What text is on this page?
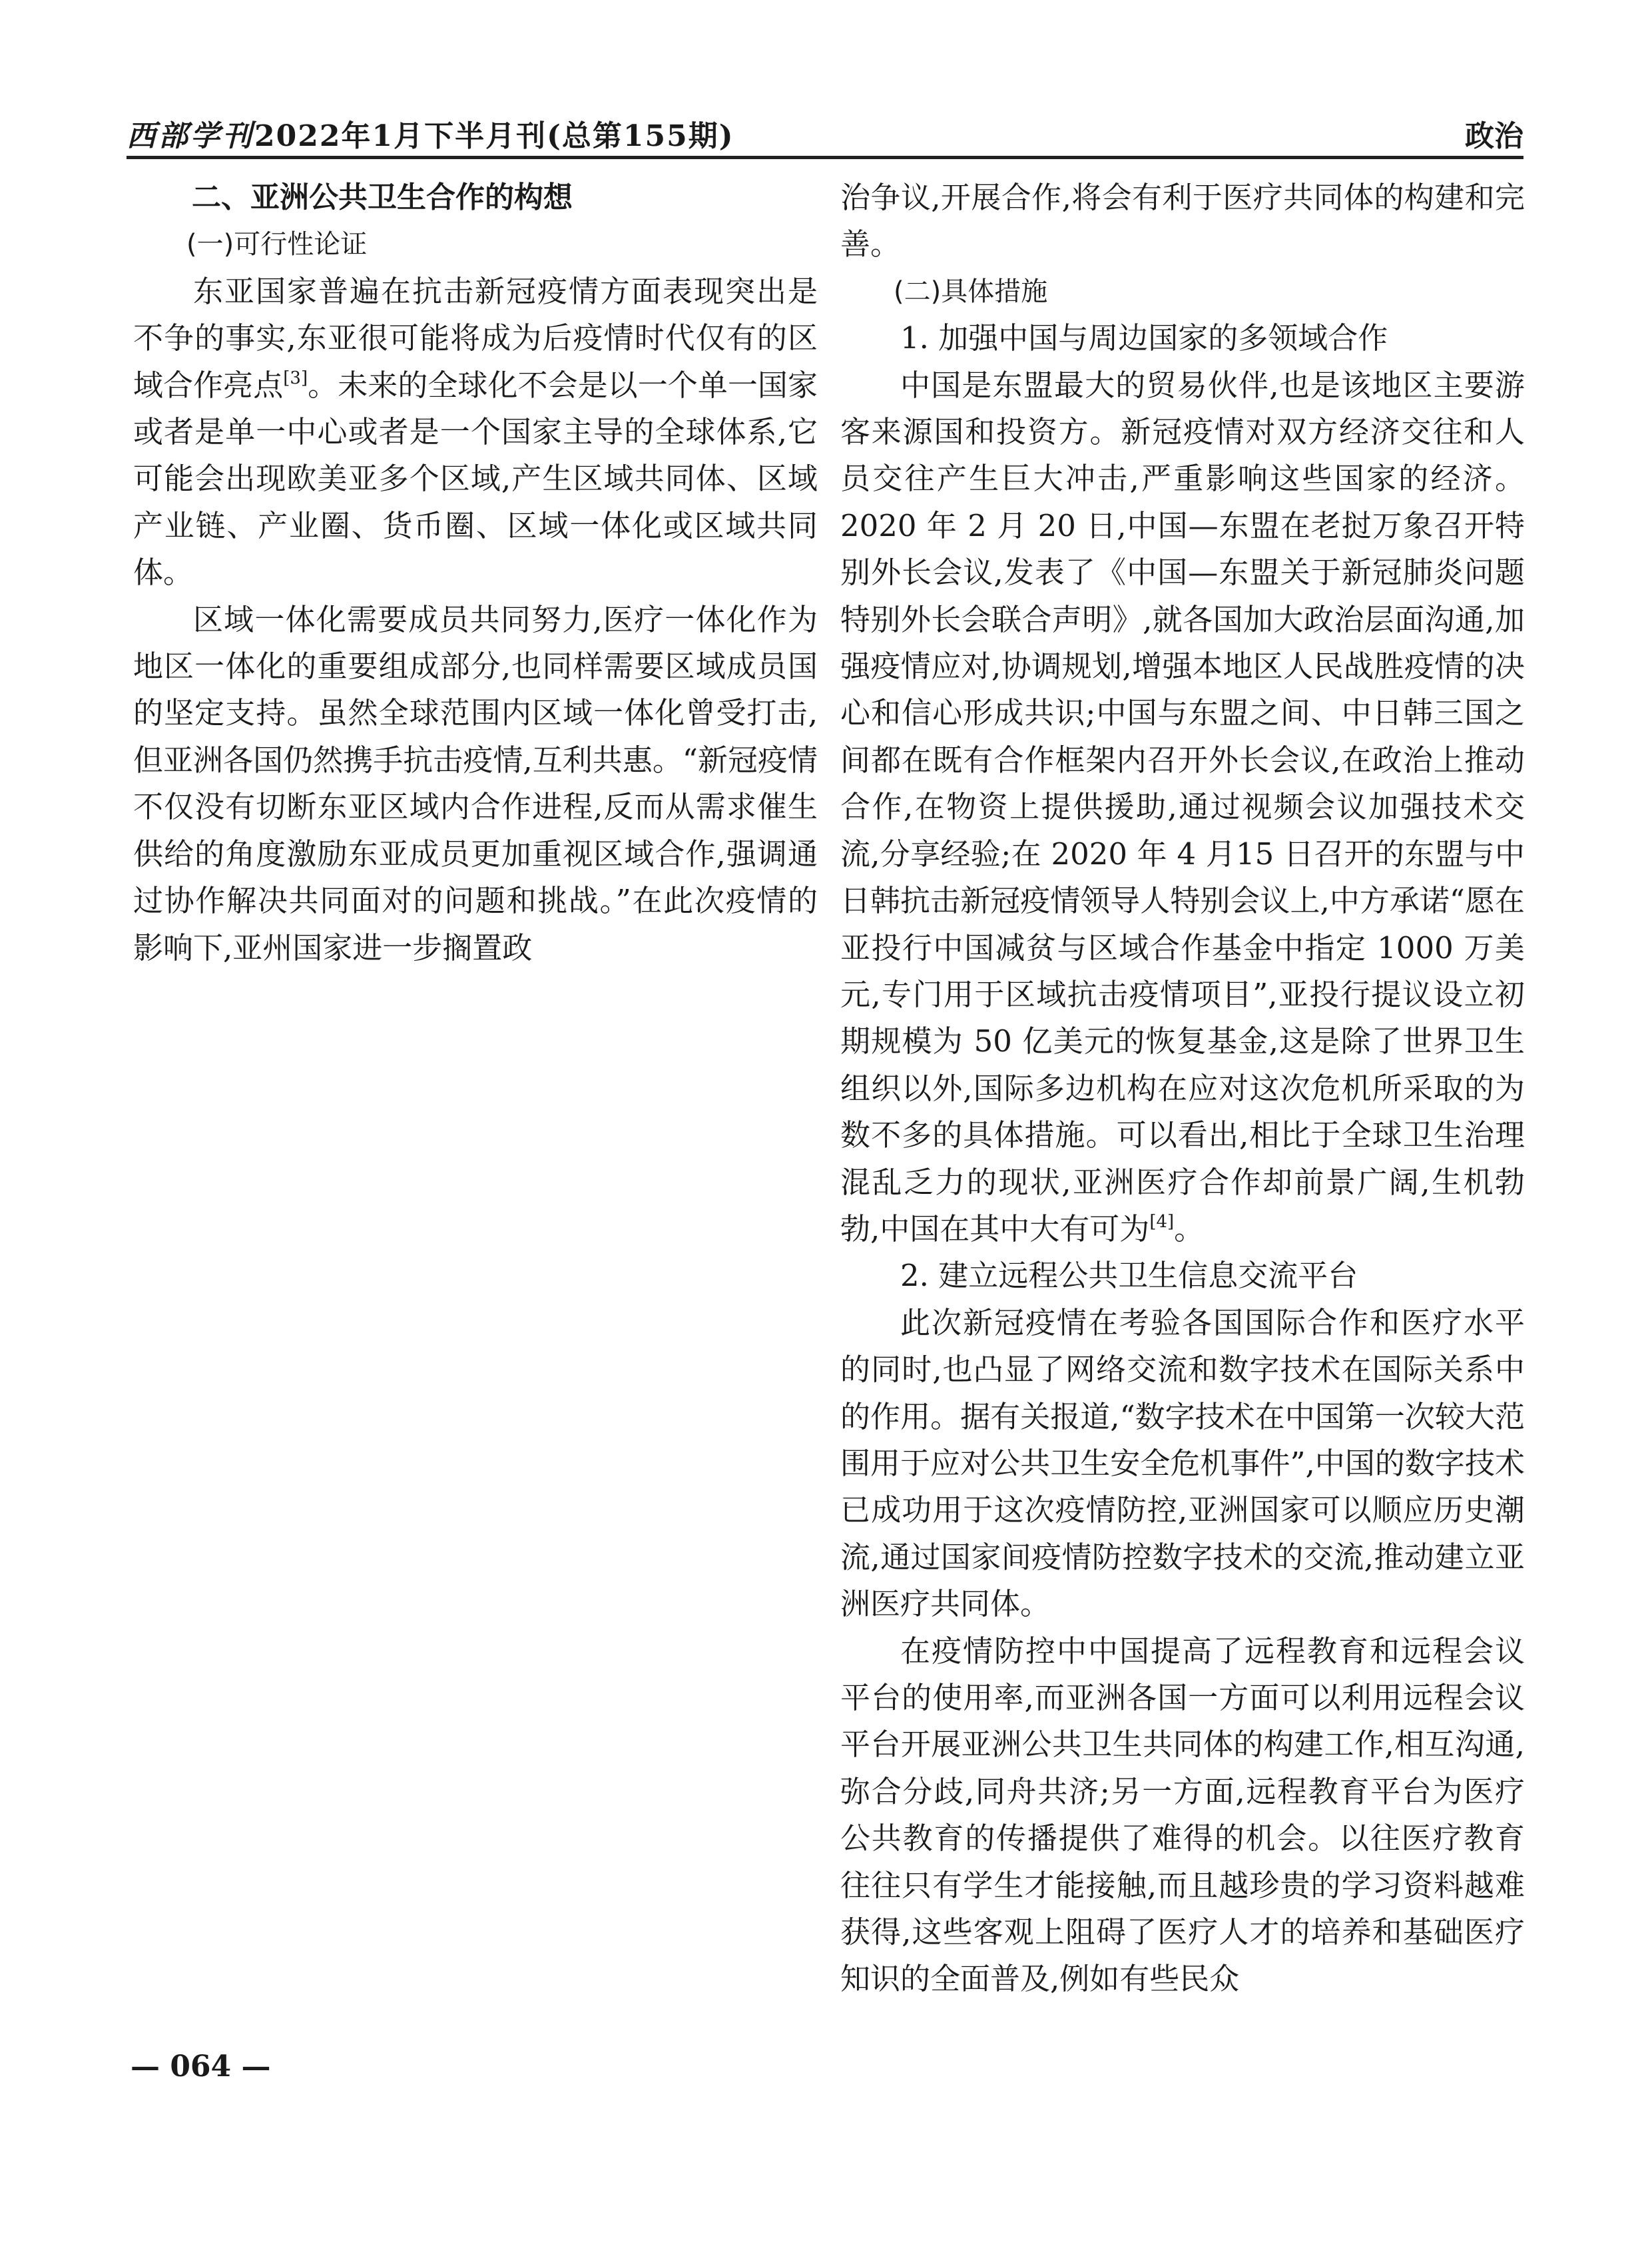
西部学刊2022年1月下半月刊(总第155期)	政治

二、亚洲公共卫生合作的构想

(一)可行性论证

东亚国家普遍在抗击新冠疫情方面表现突出是不争的事实,东亚很可能将成为后疫情时代仅有的区域合作亮点[3]。未来的全球化不会是以一个单一国家或者是单一中心或者是一个国家主导的全球体系,它可能会出现欧美亚多个区域,产生区域共同体、区域产业链、产业圈、货币圈、区域一体化或区域共同体。

区域一体化需要成员共同努力,医疗一体化作为地区一体化的重要组成部分,也同样需要区域成员国的坚定支持。虽然全球范围内区域一体化曾受打击,但亚洲各国仍然携手抗击疫情,互利共惠。“新冠疫情不仅没有切断东亚区域内合作进程,反而从需求催生供给的角度激励东亚成员更加重视区域合作,强调通过协作解决共同面对的问题和挑战。”在此次疫情的影响下,亚州国家进一步搁置政

治争议,开展合作,将会有利于医疗共同体的构建和完善。

(二)具体措施

1. 加强中国与周边国家的多领域合作

中国是东盟最大的贸易伙伴,也是该地区主要游客来源国和投资方。新冠疫情对双方经济交往和人员交往产生巨大冲击,严重影响这些国家的经济。2020 年 2 月 20 日,中国—东盟在老挝万象召开特别外长会议,发表了《中国—东盟关于新冠肺炎问题特别外长会联合声明》,就各国加大政治层面沟通,加强疫情应对,协调规划,增强本地区人民战胜疫情的决心和信心形成共识;中国与东盟之间、中日韩三国之间都在既有合作框架内召开外长会议,在政治上推动合作,在物资上提供援助,通过视频会议加强技术交流,分享经验;在 2020 年 4 月15 日召开的东盟与中日韩抗击新冠疫情领导人特别会议上,中方承诺“愿在亚投行中国减贫与区域合作基金中指定 1000 万美元,专门用于区域抗击疫情项目”,亚投行提议设立初期规模为 50 亿美元的恢复基金,这是除了世界卫生组织以外,国际多边机构在应对这次危机所采取的为数不多的具体措施。可以看出,相比于全球卫生治理混乱乏力的现状,亚洲医疗合作却前景广阔,生机勃勃,中国在其中大有可为[4]。

2. 建立远程公共卫生信息交流平台

此次新冠疫情在考验各国国际合作和医疗水平的同时,也凸显了网络交流和数字技术在国际关系中的作用。据有关报道,“数字技术在中国第一次较大范围用于应对公共卫生安全危机事件”,中国的数字技术已成功用于这次疫情防控,亚洲国家可以顺应历史潮流,通过国家间疫情防控数字技术的交流,推动建立亚洲医疗共同体。

在疫情防控中中国提高了远程教育和远程会议平台的使用率,而亚洲各国一方面可以利用远程会议平台开展亚洲公共卫生共同体的构建工作,相互沟通,弥合分歧,同舟共济;另一方面,远程教育平台为医疗公共教育的传播提供了难得的机会。以往医疗教育往往只有学生才能接触,而且越珍贵的学习资料越难获得,这些客观上阻碍了医疗人才的培养和基础医疗知识的全面普及,例如有些民众

— 064 —
